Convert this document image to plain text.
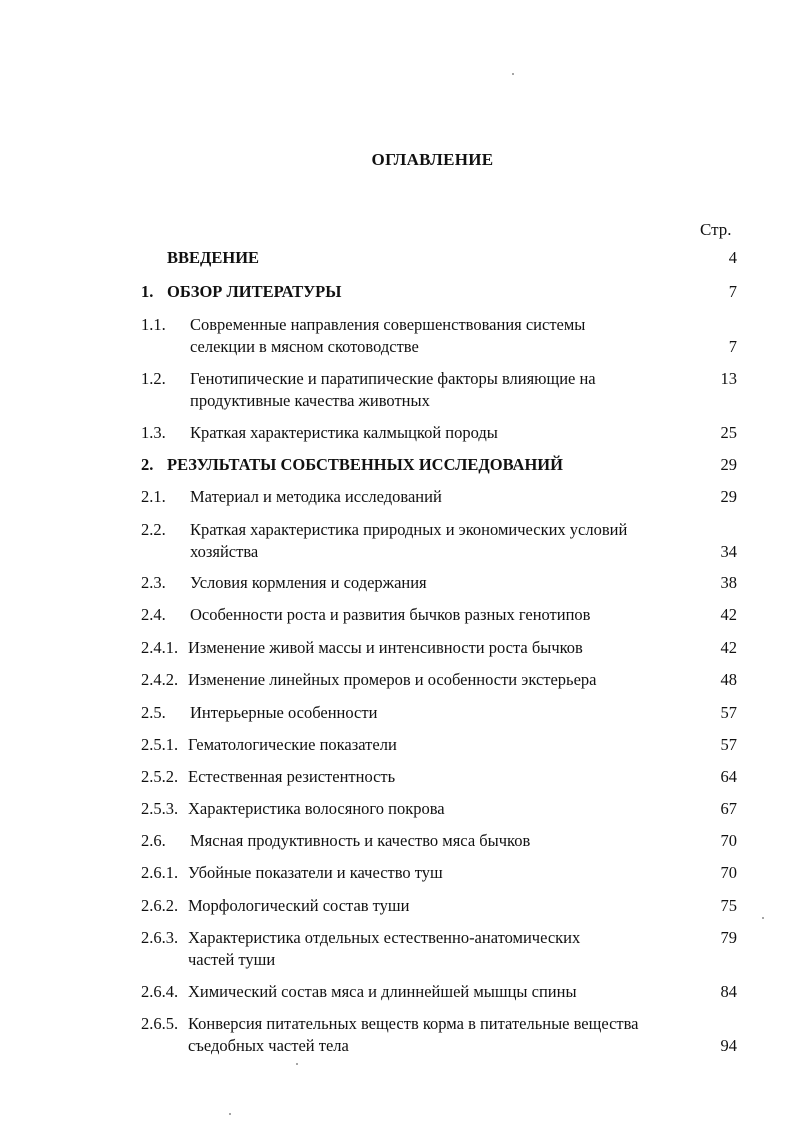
ОГЛАВЛЕНИЕ
Стр.
ВВЕДЕНИЕ	4
1. ОБЗОР ЛИТЕРАТУРЫ	7
1.1. Современные направления совершенствования системы
селекции в мясном скотоводстве	7
1.2. Генотипические и паратипические факторы влияющие на	13
продуктивные качества животных
1.3. Краткая характеристика калмыцкой породы	25
2. РЕЗУЛЬТАТЫ СОБСТВЕННЫХ ИССЛЕДОВАНИЙ	29
2.1. Материал и методика исследований	29
2.2. Краткая характеристика природных и экономических условий
хозяйства	34
2.3. Условия кормления и содержания	38
2.4. Особенности роста и развития бычков разных генотипов	42
2.4.1. Изменение живой массы и интенсивности роста бычков	42
2.4.2. Изменение линейных промеров и особенности экстерьера	48
2.5. Интерьерные особенности	57
2.5.1. Гематологические показатели	57
2.5.2. Естественная резистентность	64
2.5.3. Характеристика волосяного покрова	67
2.6. Мясная продуктивность и качество мяса бычков	70
2.6.1. Убойные показатели и качество туш	70
2.6.2. Морфологический состав туши	75
2.6.3. Характеристика отдельных естественно-анатомических	79
частей туши
2.6.4. Химический состав мяса и длиннейшей мышцы спины	84
2.6.5. Конверсия питательных веществ корма в питательные вещества
съедобных частей тела	94
